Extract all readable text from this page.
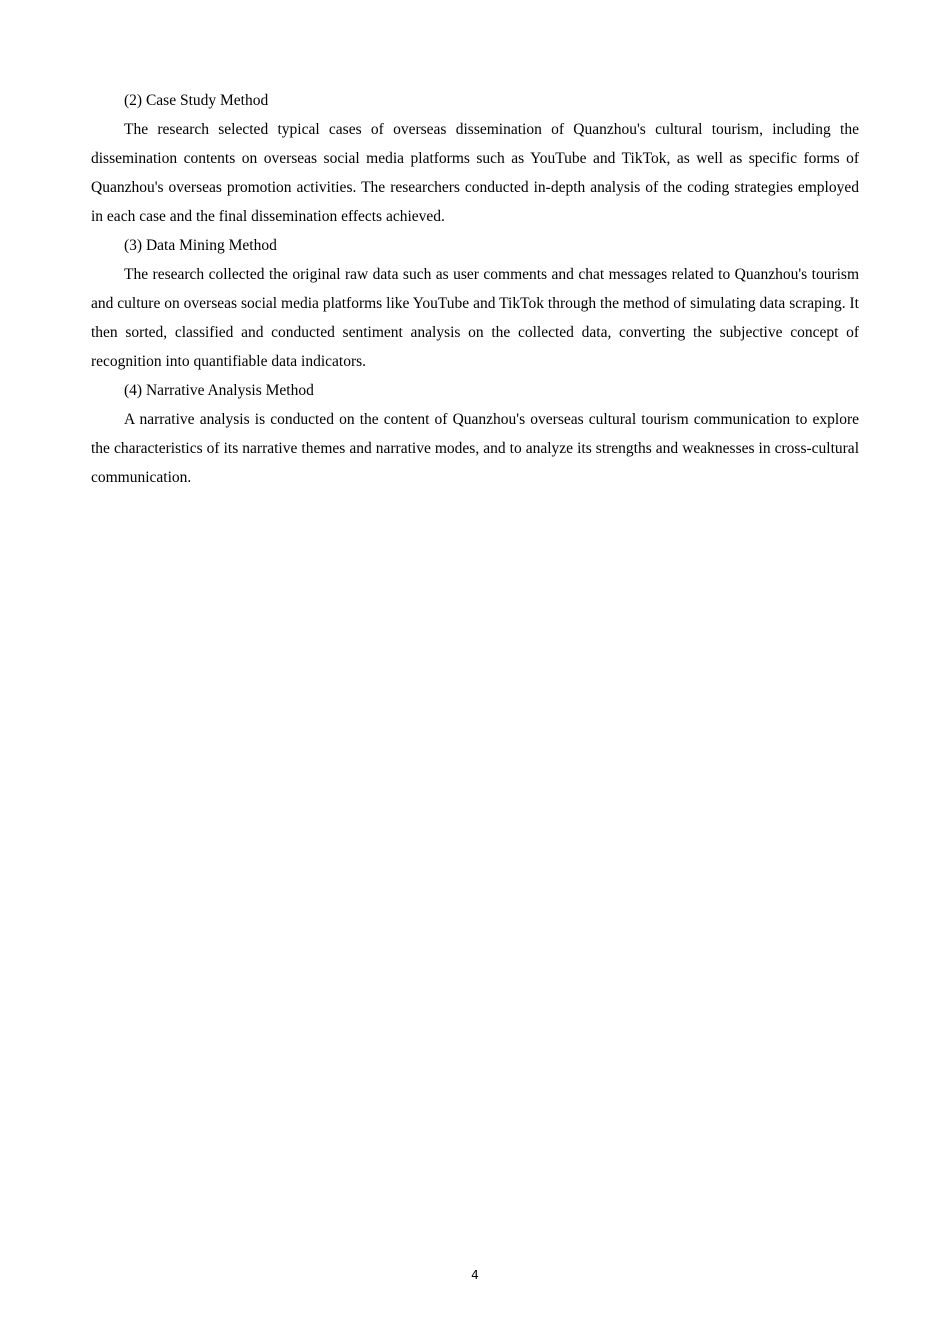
(2) Case Study Method

The research selected typical cases of overseas dissemination of Quanzhou's cultural tourism, including the dissemination contents on overseas social media platforms such as YouTube and TikTok, as well as specific forms of Quanzhou's overseas promotion activities. The researchers conducted in-depth analysis of the coding strategies employed in each case and the final dissemination effects achieved.

(3) Data Mining Method

The research collected the original raw data such as user comments and chat messages related to Quanzhou's tourism and culture on overseas social media platforms like YouTube and TikTok through the method of simulating data scraping. It then sorted, classified and conducted sentiment analysis on the collected data, converting the subjective concept of recognition into quantifiable data indicators.

(4) Narrative Analysis Method

A narrative analysis is conducted on the content of Quanzhou's overseas cultural tourism communication to explore the characteristics of its narrative themes and narrative modes, and to analyze its strengths and weaknesses in cross-cultural communication.

4
